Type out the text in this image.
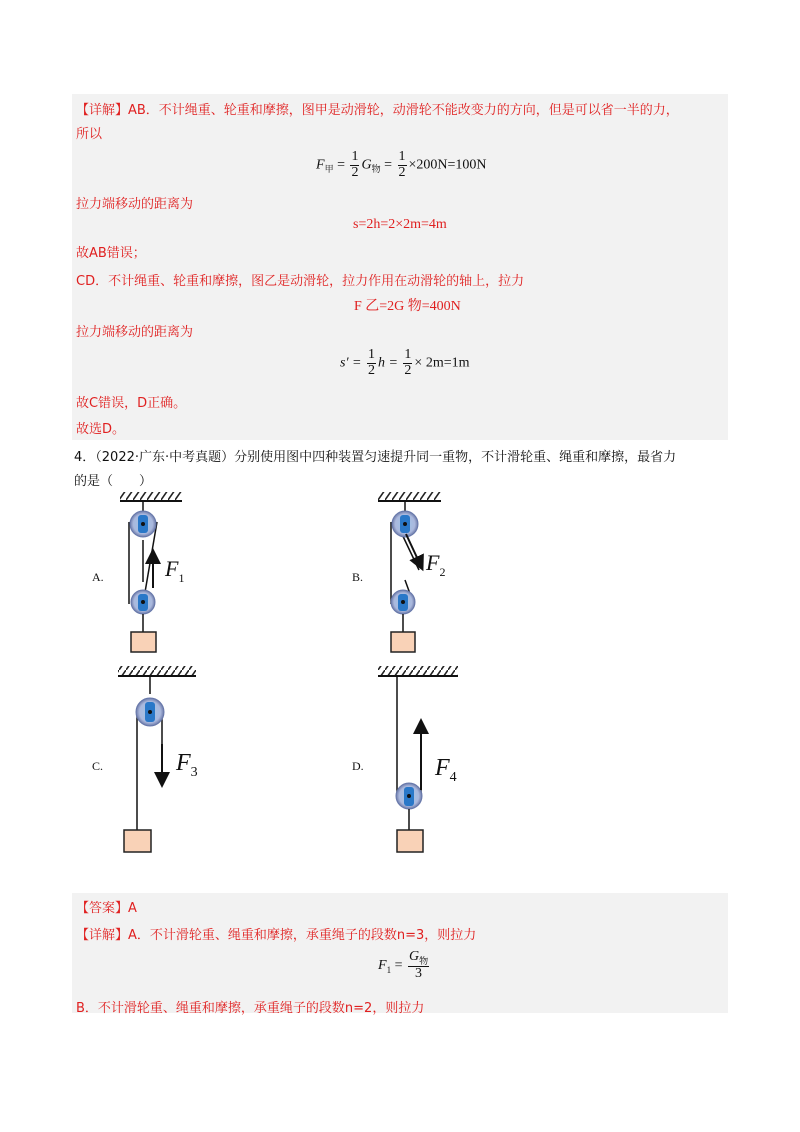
【详解】AB．不计绳重、轮重和摩擦，图甲是动滑轮，动滑轮不能改变力的方向，但是可以省一半的力，
所以
$F_甲 = \frac{1}{2} G_物 = \frac{1}{2} \times 200N=100N$
拉力端移动的距离为
s=2h=2×2m=4m
故AB错误；
CD．不计绳重、轮重和摩擦，图乙是动滑轮，拉力作用在动滑轮的轴上，拉力
F 乙=2G 物=400N
拉力端移动的距离为
$s' = \frac{1}{2}$ $h = \frac{1}{2} \times 2m=1m$
故C错误，D正确。
故选D。
4．（2022·广东·中考真题）分别使用图中四种装置匀速提升同一重物，不计滑轮重、绳重和摩擦，最省力
的是（　　）
A.	$F_1$	B.
$F_2$
C.	$F_3$	D.	$F_4$
【答案】A
【详解】A．不计滑轮重、绳重和摩擦，承重绳子的段数n=3，则拉力
$F_1 = \frac{G_物}{3}$
B．不计滑轮重、绳重和摩擦，承重绳子的段数n=2，则拉力
